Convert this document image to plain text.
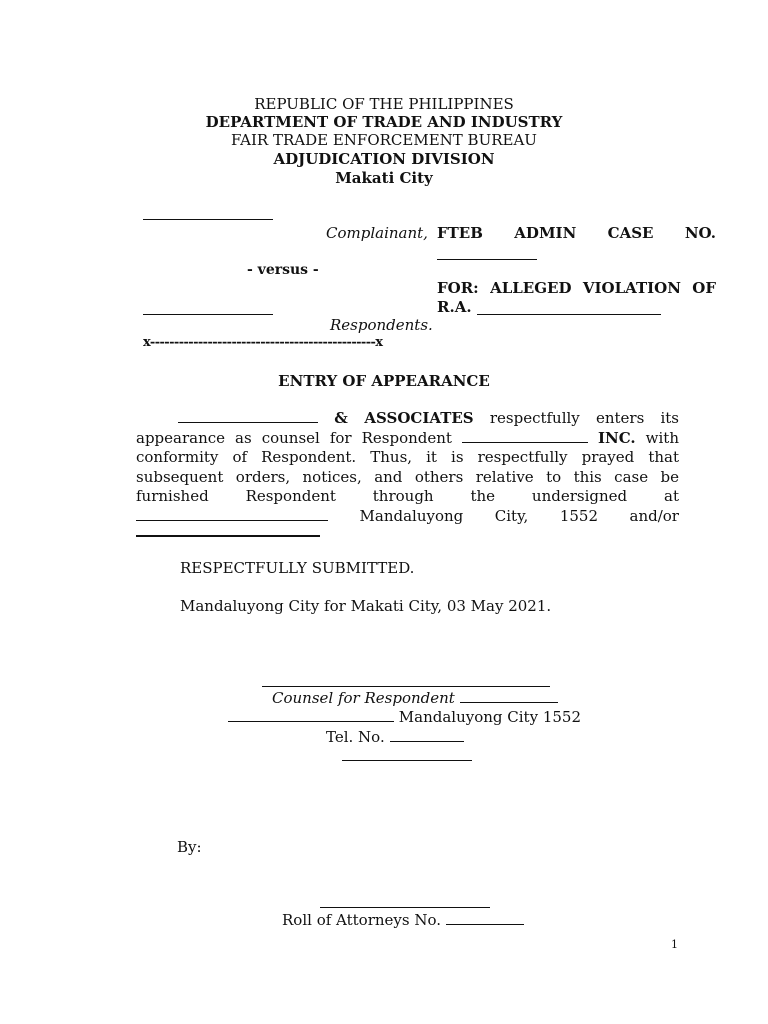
REPUBLIC OF THE PHILIPPINES
DEPARTMENT OF TRADE AND INDUSTRY
FAIR TRADE ENFORCEMENT BUREAU
ADJUDICATION DIVISION
Makati City
Complainant,
- versus -
Respondents.
x-----------------------------------------------x
FTEB ADMIN CASE NO.
FOR: ALLEGED VIOLATION OF
R.A.
ENTRY OF APPEARANCE
& ASSOCIATES respectfully enters its
appearance as counsel for Respondent	INC. with
conformity of Respondent. Thus, it is respectfully prayed that
subsequent orders, notices, and others relative to this case be
furnished Respondent through the undersigned at
Mandaluyong City, 1552 and/or
RESPECTFULLY SUBMITTED.
Mandaluyong City for Makati City, 03 May 2021.
Counsel for Respondent
Mandaluyong City 1552
Tel. No.
By:
Roll of Attorneys No.
1
